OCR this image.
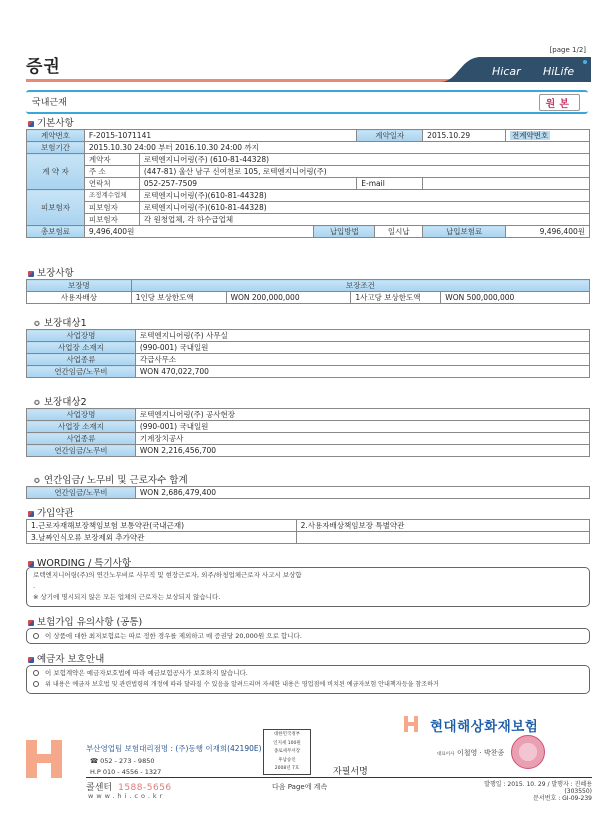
[page 1/2]
증권	Hicar HiLife
국내근재	원본
기본사항
계약번호	F-2015-1071141			계약일자		2015.10.29	전계약번호
보험기간	2015.10.30 24:00 부터 2016.10.30 24:00 까지						
계 약 자	계약자	로텍엔지니어링(주) (610-81-44328)					
	주 소	(447-81) 울산 남구 신여천로 105, 로텍엔지니어링(주)					
	연락처	052-257-7509		E-mail			
피보험자	조정계수업체	로텍엔지니어링(주)(610-81-44328)					
	피보험자	로텍엔지니어링(주)(610-81-44328)					
	피보험자	각 원청업체, 각 하수급업체					
총보험료	9,496,400원		납입방법		일시납	납입보험료	9,496,400원
보장사항
보장명	보장조건			
사용자배상	1인당 보상한도액	WON 200,000,000	1사고당 보상한도액	WON 500,000,000
✪ 보장대상1
사업장명	로텍엔지니어링(주) 사무실
사업장 소재지	(990-001) 국내일원
사업종류	각급사무소
연간임금/노무비	WON 470,022,700
✪ 보장대상2
사업장명	로텍엔지니어링(주) 공사현장
사업장 소재지	(990-001) 국내일원
사업종류	기계장치공사
연간임금/노무비	WON 2,216,456,700
✪ 연간임금/ 노무비 및 근로자수 합계
연간임금/노무비	WON 2,686,479,400
가입약관
1.근로자재해보장책임보험 보통약관(국내근재)	2.사용자배상책임보장 특별약관
3.날짜인식오류 보장제외 추가약관	
WORDING / 특기사항
로텍엔지니어링(주)의 연간노무비로 사무직 및 현장근로자, 외주/하청업체근로자 사고시 보상함
.
※ 상기에 명시되지 않은 모든 업체의 근로자는 보상되지 않습니다.
보험가입 유의사항 (공통)
이 상품에 대한 최저보험료는 따로 정한 경우를 제외하고 매 증권당 20,000원 으로 합니다.
예금자 보호안내
이 보험계약은 예금자보호법에 따라 예금보험공사가 보호하지 않습니다.
위 내용은 예금자 보호법 및 관련법령의 개정에 따라 달라질 수 있음을 알려드리며 자세한 내용은 영업점에 비치된 예금자보험 안내책자등을 참조하거
부산영업팀 보험대리점명 : (주)동행 이재희(42190E)
☎ 052 - 273 - 9850
H.P 010 - 4556 - 1327
콜센터 1588-5656
www.hi.co.kr
대한민국정부
인지세 100원
종로세무서장
후납승인
2008년 7호
다음 Page에 계속
자필서명
현대해상화재보험
대표이사 이철영 · 박찬종
발행일 : 2015. 10. 29 / 발행자 : 진혜용(303550)
문서번호 : GI-09-239
